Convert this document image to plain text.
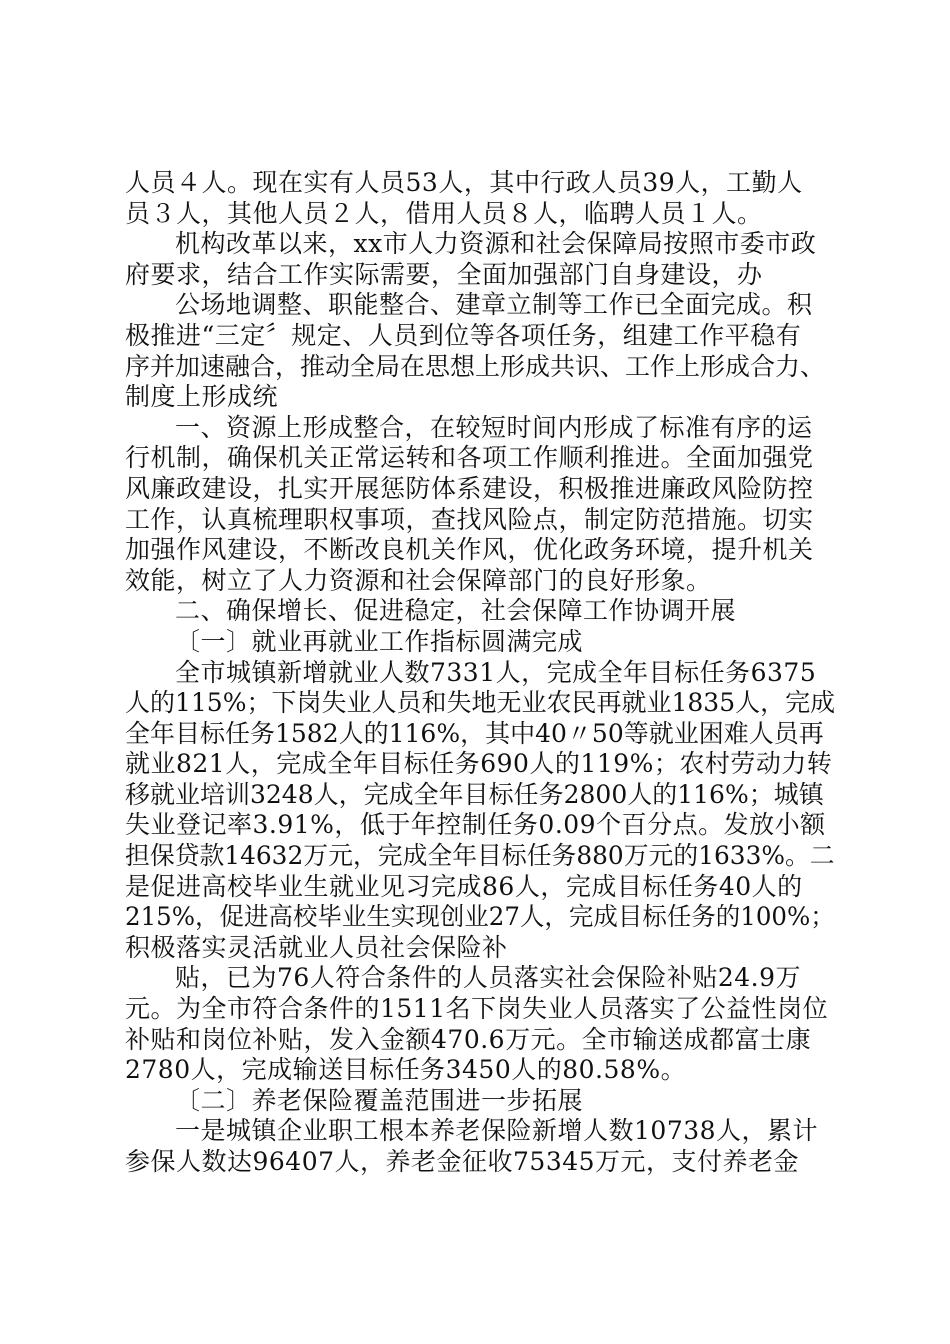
人员４人。现在实有人员53人，其中行政人员39人，工勤人
员３人，其他人员２人，借用人员８人，临聘人员１人。
机构改革以来，xx市人力资源和社会保障局按照市委市政
府要求，结合工作实际需要，全面加强部门自身建设，办
公场地调整、职能整合、建章立制等工作已全面完成。积
极推进“三定〞规定、人员到位等各项任务，组建工作平稳有
序并加速融合，推动全局在思想上形成共识、工作上形成合力、
制度上形成统
一、资源上形成整合，在较短时间内形成了标准有序的运
行机制，确保机关正常运转和各项工作顺利推进。全面加强党
风廉政建设，扎实开展惩防体系建设，积极推进廉政风险防控
工作，认真梳理职权事项，查找风险点，制定防范措施。切实
加强作风建设，不断改良机关作风，优化政务环境，提升机关
效能，树立了人力资源和社会保障部门的良好形象。
二、确保增长、促进稳定，社会保障工作协调开展
〔一〕就业再就业工作指标圆满完成
全市城镇新增就业人数7331人，完成全年目标任务6375
人的115%；下岗失业人员和失地无业农民再就业1835人，完成
全年目标任务1582人的116%，其中40〃50等就业困难人员再
就业821人，完成全年目标任务690人的119%；农村劳动力转
移就业培训3248人，完成全年目标任务2800人的116%；城镇
失业登记率3.91%，低于年控制任务0.09个百分点。发放小额
担保贷款14632万元，完成全年目标任务880万元的1633%。二
是促进高校毕业生就业见习完成86人，完成目标任务40人的
215%，促进高校毕业生实现创业27人，完成目标任务的100%；
积极落实灵活就业人员社会保险补
贴，已为76人符合条件的人员落实社会保险补贴24.9万
元。为全市符合条件的1511名下岗失业人员落实了公益性岗位
补贴和岗位补贴，发入金额470.6万元。全市输送成都富士康
2780人，完成输送目标任务3450人的80.58%。
〔二〕养老保险覆盖范围进一步拓展
一是城镇企业职工根本养老保险新增人数10738人，累计
参保人数达96407人，养老金征收75345万元，支付养老金
